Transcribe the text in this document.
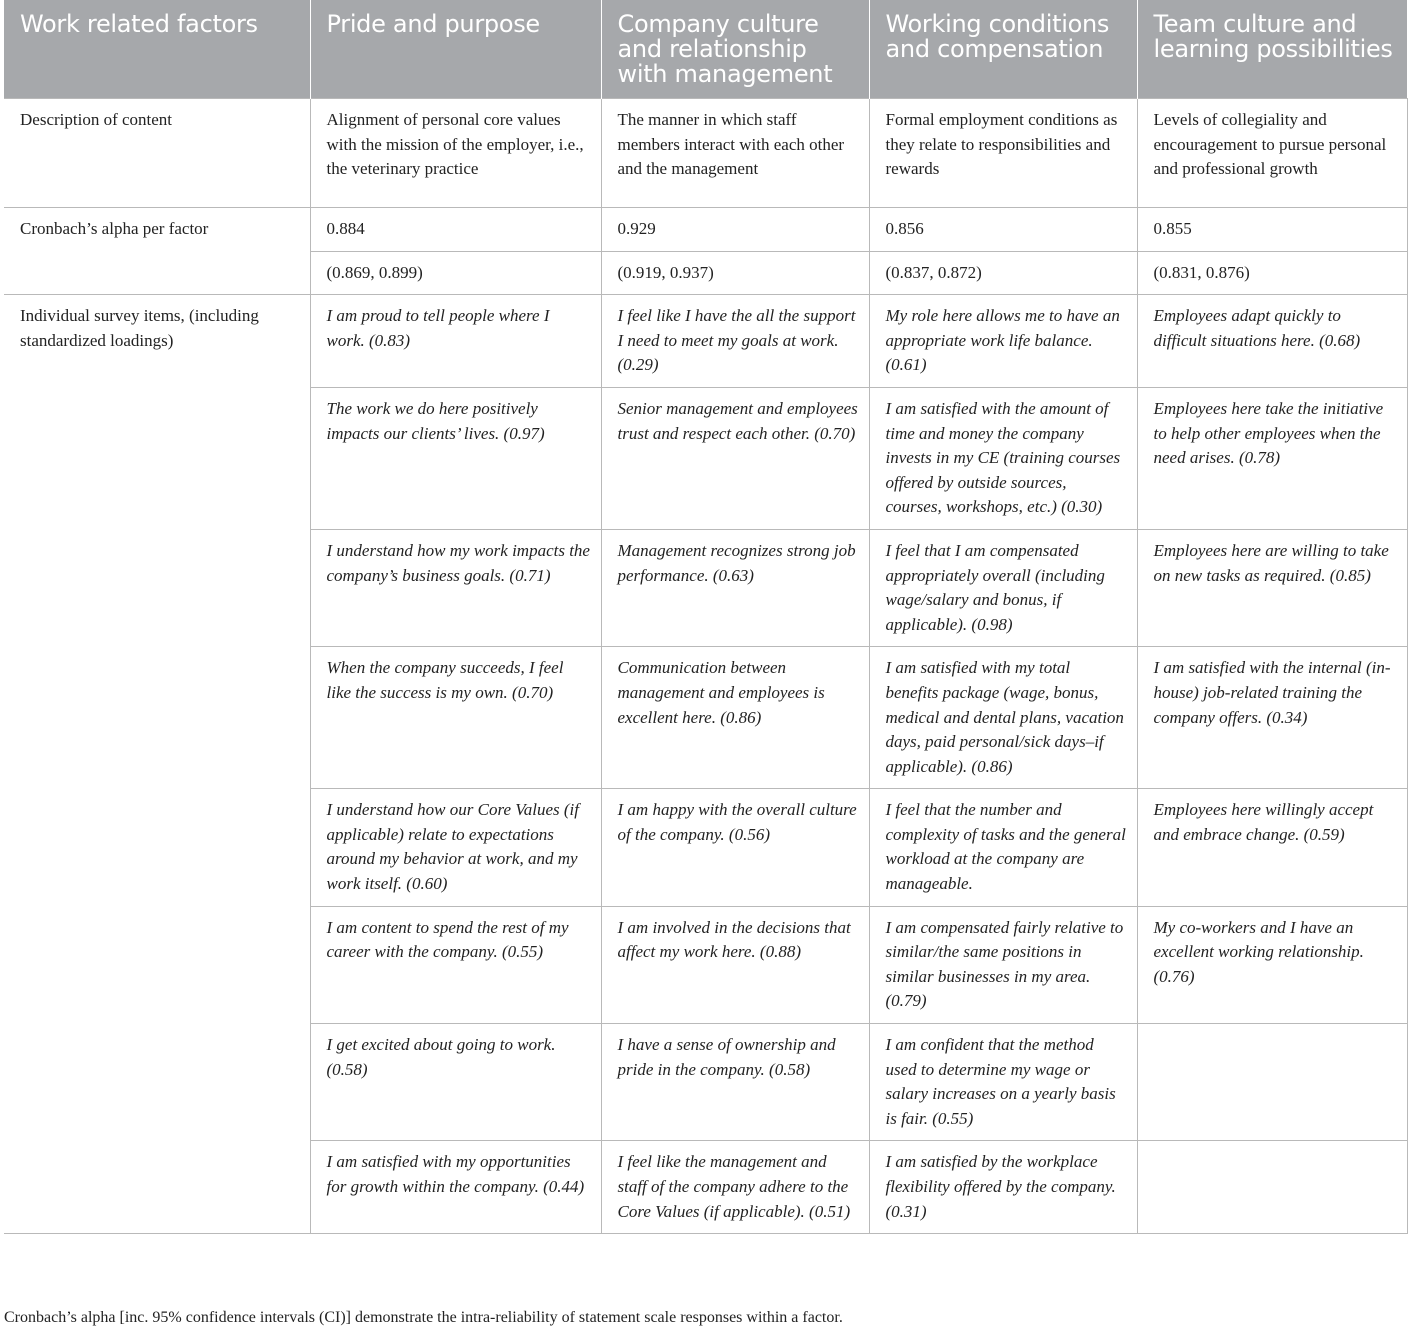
Work related factors	Pride and purpose	Company culture and relationship with management	Working conditions and compensation	Team culture and learning possibilities
Description of content	Alignment of personal core values with the mission of the employer, i.e., the veterinary practice	The manner in which staff members interact with each other and the management	Formal employment conditions as they relate to responsibilities and rewards	Levels of collegiality and encouragement to pursue personal and professional growth
Cronbach’s alpha per factor	0.884	0.929	0.856	0.855
	(0.869, 0.899)	(0.919, 0.937)	(0.837, 0.872)	(0.831, 0.876)
Individual survey items, (including standardized loadings)	I am proud to tell people where I work. (0.83)	I feel like I have the all the support I need to meet my goals at work. (0.29)	My role here allows me to have an appropriate work life balance. (0.61)	Employees adapt quickly to difficult situations here. (0.68)
	The work we do here positively impacts our clients’ lives. (0.97)	Senior management and employees trust and respect each other. (0.70)	I am satisfied with the amount of time and money the company invests in my CE (training courses offered by outside sources, courses, workshops, etc.) (0.30)	Employees here take the initiative to help other employees when the need arises. (0.78)
	I understand how my work impacts the company’s business goals. (0.71)	Management recognizes strong job performance. (0.63)	I feel that I am compensated appropriately overall (including wage/salary and bonus, if applicable). (0.98)	Employees here are willing to take on new tasks as required. (0.85)
	When the company succeeds, I feel like the success is my own. (0.70)	Communication between management and employees is excellent here. (0.86)	I am satisfied with my total benefits package (wage, bonus, medical and dental plans, vacation days, paid personal/sick days–if applicable). (0.86)	I am satisfied with the internal (in-house) job-related training the company offers. (0.34)
	I understand how our Core Values (if applicable) relate to expectations around my behavior at work, and my work itself. (0.60)	I am happy with the overall culture of the company. (0.56)	I feel that the number and complexity of tasks and the general workload at the company are manageable.	Employees here willingly accept and embrace change. (0.59)
	I am content to spend the rest of my career with the company. (0.55)	I am involved in the decisions that affect my work here. (0.88)	I am compensated fairly relative to similar/the same positions in similar businesses in my area. (0.79)	My co-workers and I have an excellent working relationship. (0.76)
	I get excited about going to work. (0.58)	I have a sense of ownership and pride in the company. (0.58)	I am confident that the method used to determine my wage or salary increases on a yearly basis is fair. (0.55)	
	I am satisfied with my opportunities for growth within the company. (0.44)	I feel like the management and staff of the company adhere to the Core Values (if applicable). (0.51)	I am satisfied by the workplace flexibility offered by the company. (0.31)	
Cronbach’s alpha [inc. 95% confidence intervals (CI)] demonstrate the intra-reliability of statement scale responses within a factor.
